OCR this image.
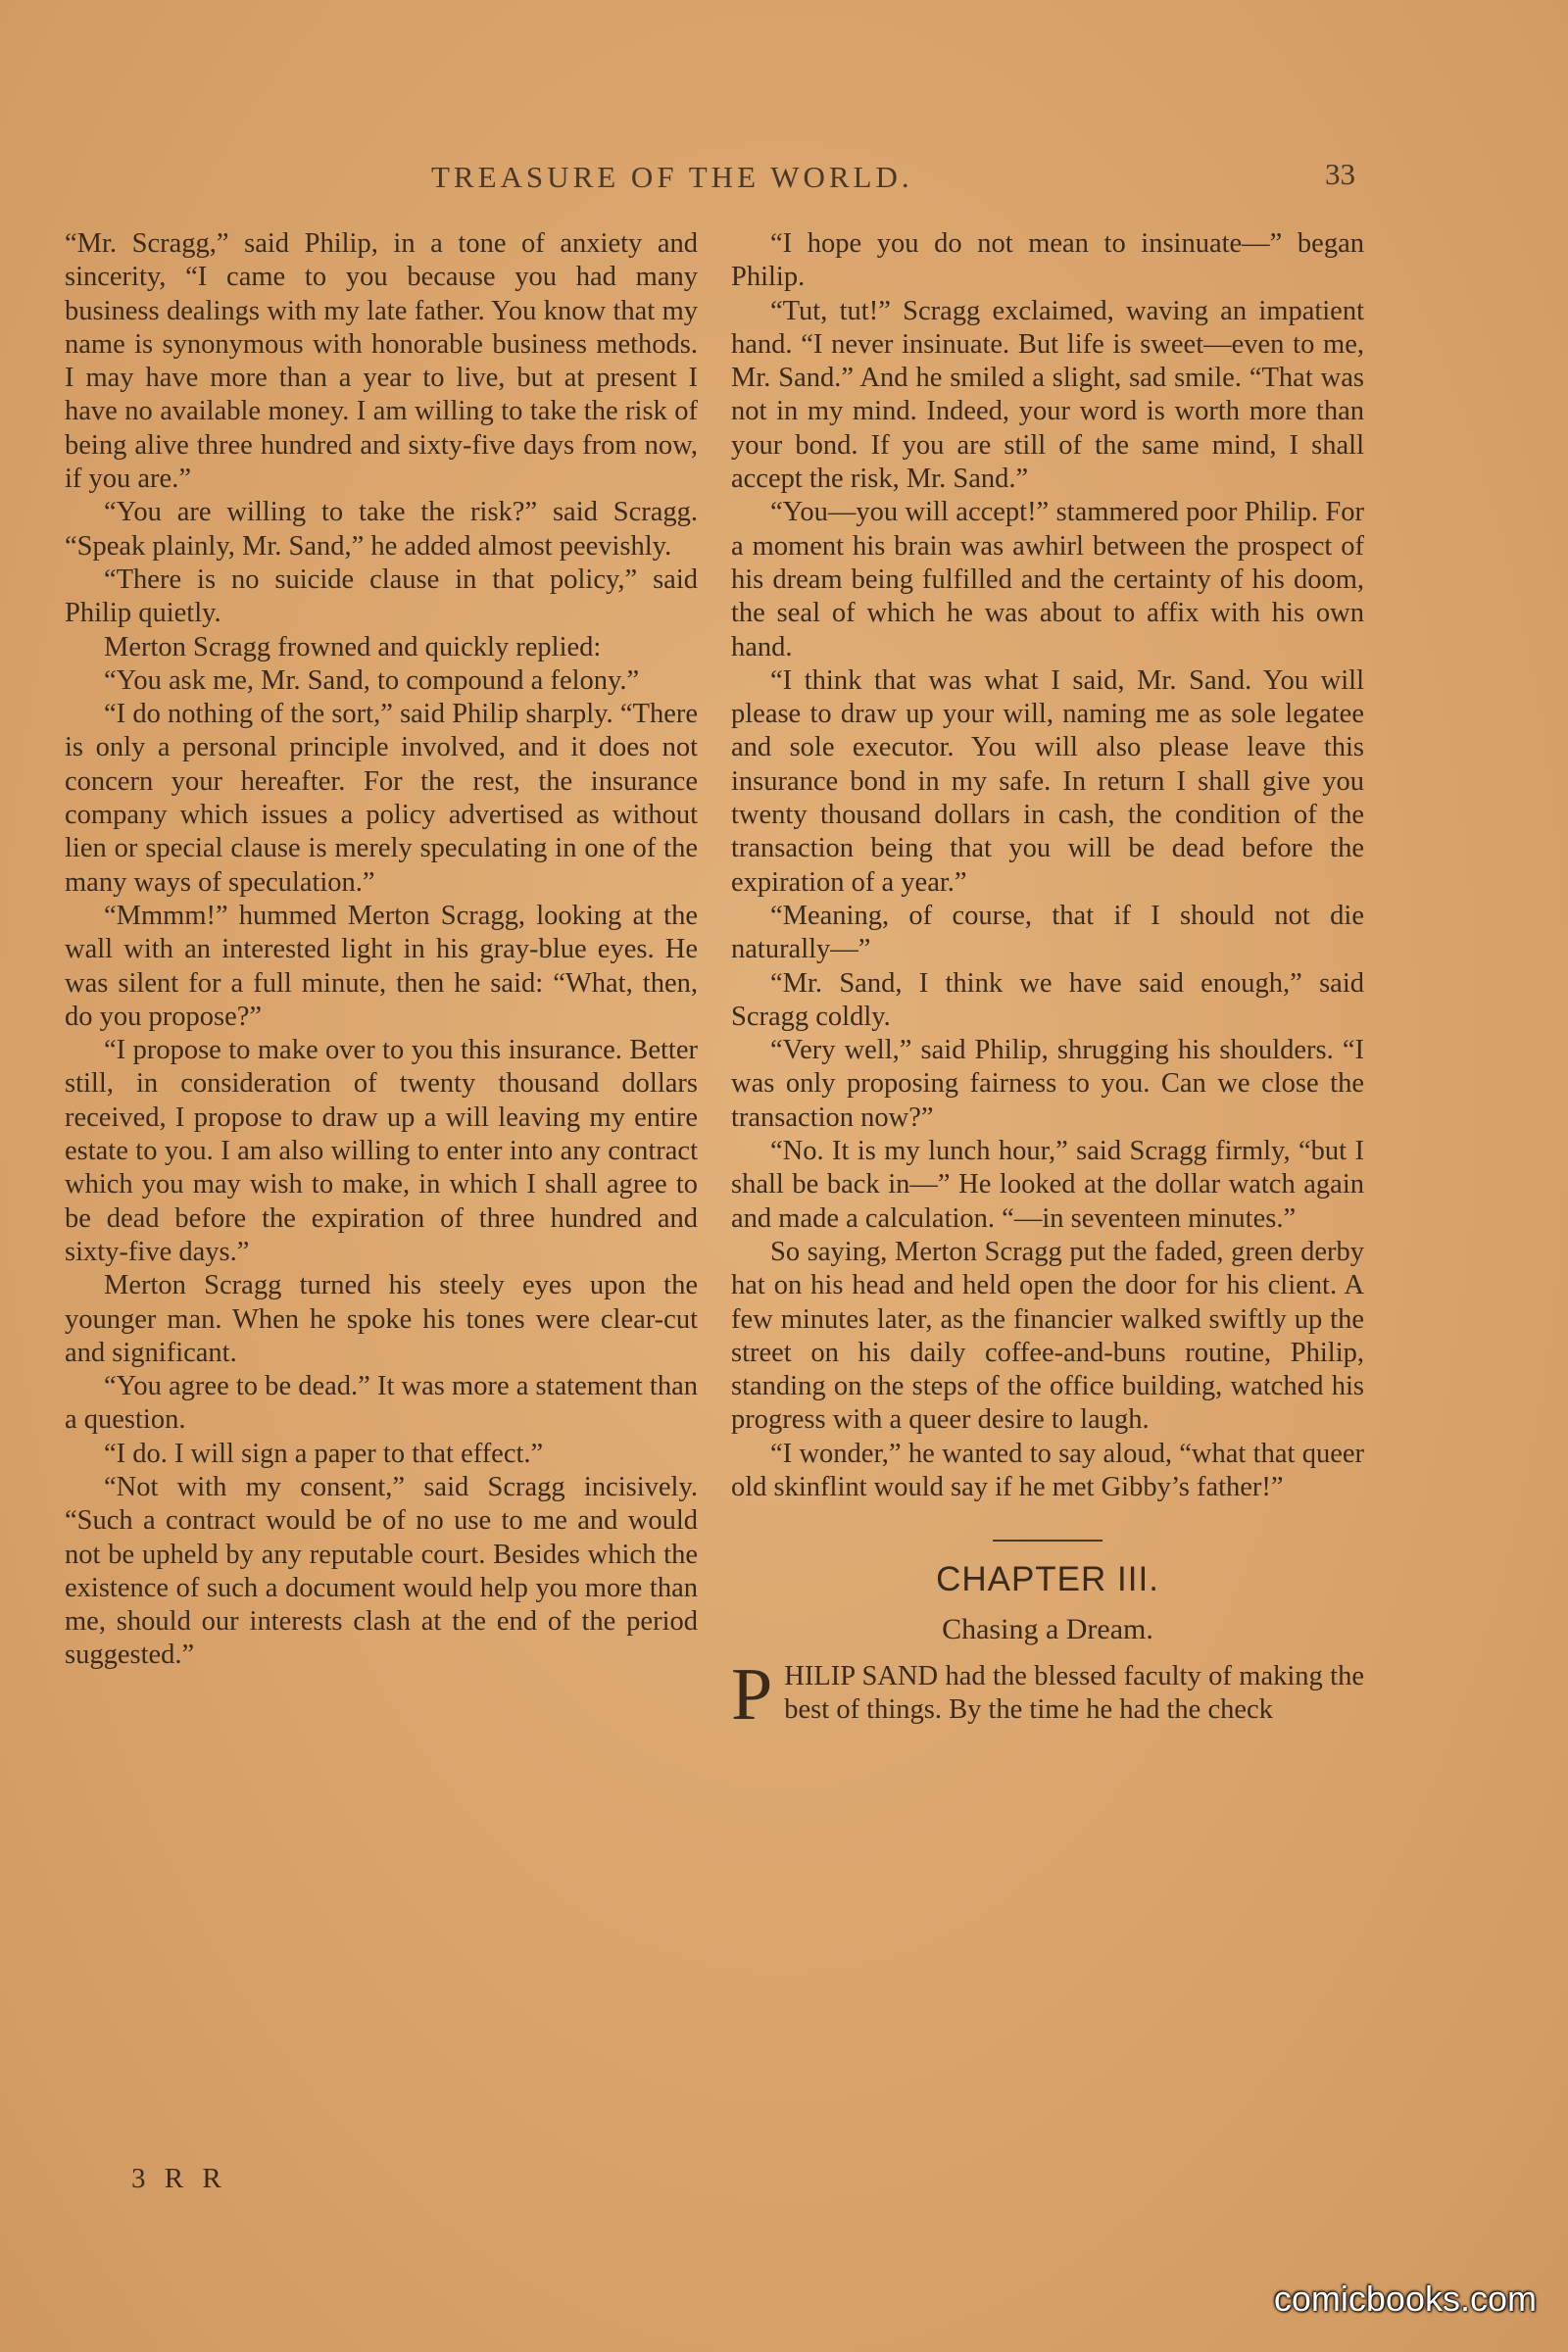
TREASURE OF THE WORLD.	33

“Mr. Scragg,” said Philip, in a tone of anxiety and sincerity, “I came to you because you had many business dealings with my late father. You know that my name is synonymous with honorable business methods. I may have more than a year to live, but at present I have no available money. I am willing to take the risk of being alive three hundred and sixty-five days from now, if you are.”

“You are willing to take the risk?” said Scragg. “Speak plainly, Mr. Sand,” he added almost peevishly.

“There is no suicide clause in that policy,” said Philip quietly.

Merton Scragg frowned and quickly replied:

“You ask me, Mr. Sand, to compound a felony.”

“I do nothing of the sort,” said Philip sharply. “There is only a personal principle involved, and it does not concern your hereafter. For the rest, the insurance company which issues a policy advertised as without lien or special clause is merely speculating in one of the many ways of speculation.”

“Mmmm!” hummed Merton Scragg, looking at the wall with an interested light in his gray-blue eyes. He was silent for a full minute, then he said: “What, then, do you propose?”

“I propose to make over to you this insurance. Better still, in consideration of twenty thousand dollars received, I propose to draw up a will leaving my entire estate to you. I am also willing to enter into any contract which you may wish to make, in which I shall agree to be dead before the expiration of three hundred and sixty-five days.”

Merton Scragg turned his steely eyes upon the younger man. When he spoke his tones were clear-cut and significant.

“You agree to be dead.” It was more a statement than a question.

“I do. I will sign a paper to that effect.”

“Not with my consent,” said Scragg incisively. “Such a contract would be of no use to me and would not be upheld by any reputable court. Besides which the existence of such a document would help you more than me, should our interests clash at the end of the period suggested.”

3 R R

“I hope you do not mean to insinuate—” began Philip.

“Tut, tut!” Scragg exclaimed, waving an impatient hand. “I never insinuate. But life is sweet—even to me, Mr. Sand.” And he smiled a slight, sad smile. “That was not in my mind. Indeed, your word is worth more than your bond. If you are still of the same mind, I shall accept the risk, Mr. Sand.”

“You—you will accept!” stammered poor Philip. For a moment his brain was awhirl between the prospect of his dream being fulfilled and the certainty of his doom, the seal of which he was about to affix with his own hand.

“I think that was what I said, Mr. Sand. You will please to draw up your will, naming me as sole legatee and sole executor. You will also please leave this insurance bond in my safe. In return I shall give you twenty thousand dollars in cash, the condition of the transaction being that you will be dead before the expiration of a year.”

“Meaning, of course, that if I should not die naturally—”

“Mr. Sand, I think we have said enough,” said Scragg coldly.

“Very well,” said Philip, shrugging his shoulders. “I was only proposing fairness to you. Can we close the transaction now?”

“No. It is my lunch hour,” said Scragg firmly, “but I shall be back in—” He looked at the dollar watch again and made a calculation. “—in seventeen minutes.”

So saying, Merton Scragg put the faded, green derby hat on his head and held open the door for his client. A few minutes later, as the financier walked swiftly up the street on his daily coffee-and-buns routine, Philip, standing on the steps of the office building, watched his progress with a queer desire to laugh.

“I wonder,” he wanted to say aloud, “what that queer old skinflint would say if he met Gibby’s father!”

CHAPTER III.
Chasing a Dream.

PHILIP SAND had the blessed faculty of making the best of things. By the time he had the check

comicbooks.com
